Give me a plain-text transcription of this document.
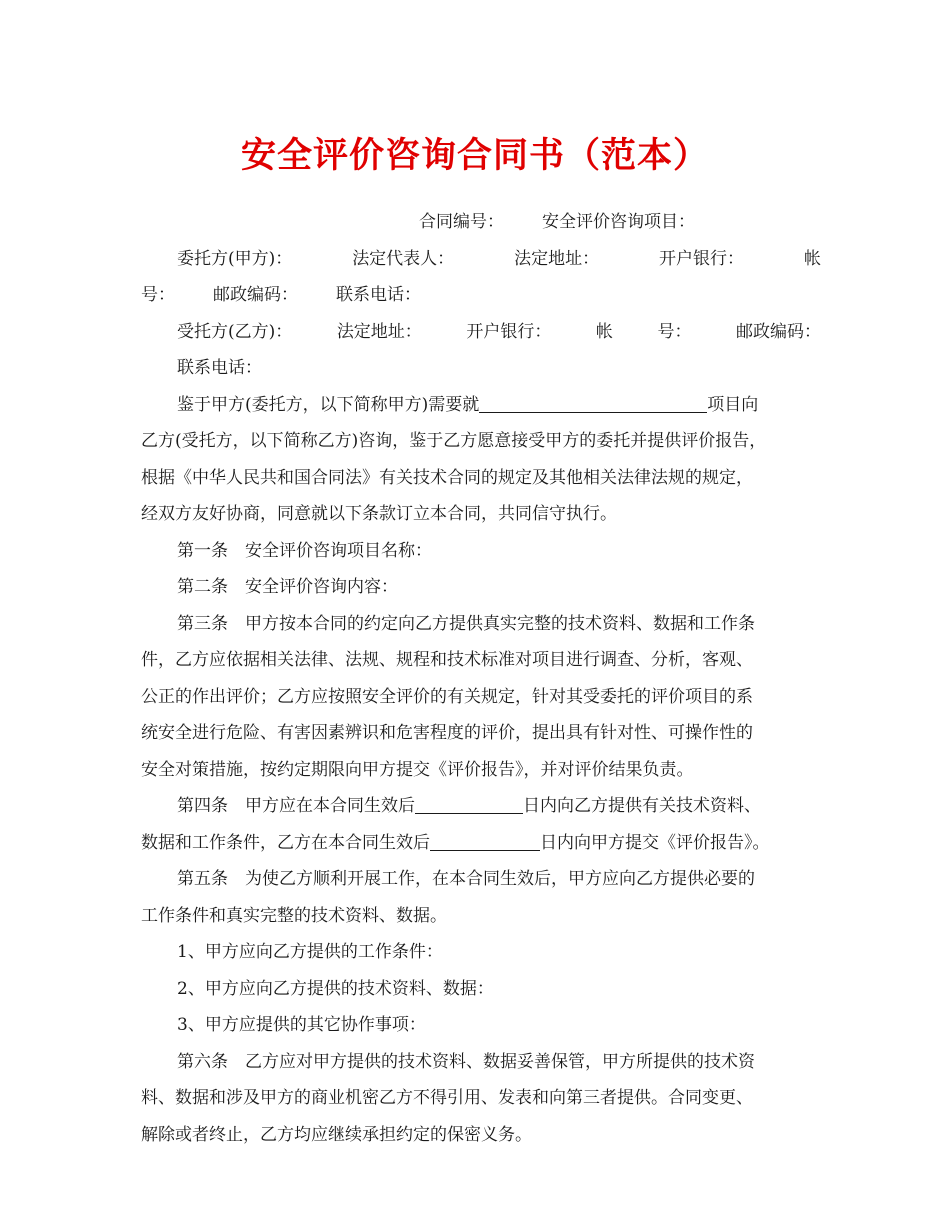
安全评价咨询合同书（范本）
合同编号： 安全评价咨询项目：
委托方(甲方)：	法定代表人：	法定地址：	开户银行：	帐
号： 邮政编码： 联系电话：
受托方(乙方)：	法定地址：	开户银行：	帐	号：	邮政编码：
联系电话：
鉴于甲方(委托方，以下简称甲方)需要就	项目向
乙方(受托方，以下简称乙方)咨询，鉴于乙方愿意接受甲方的委托并提供评价报告，
根据《中华人民共和国合同法》有关技术合同的规定及其他相关法律法规的规定，
经双方友好协商，同意就以下条款订立本合同，共同信守执行。
第一条　安全评价咨询项目名称：
第二条　安全评价咨询内容：
第三条　甲方按本合同的约定向乙方提供真实完整的技术资料、数据和工作条
件，乙方应依据相关法律、法规、规程和技术标准对项目进行调查、分析，客观、
公正的作出评价；乙方应按照安全评价的有关规定，针对其受委托的评价项目的系
统安全进行危险、有害因素辨识和危害程度的评价，提出具有针对性、可操作性的
安全对策措施，按约定期限向甲方提交《评价报告》，并对评价结果负责。
第四条　甲方应在本合同生效后	日内向乙方提供有关技术资料、
数据和工作条件，乙方在本合同生效后	日内向甲方提交《评价报告》。
第五条　为使乙方顺利开展工作，在本合同生效后，甲方应向乙方提供必要的
工作条件和真实完整的技术资料、数据。
1、甲方应向乙方提供的工作条件：
2、甲方应向乙方提供的技术资料、数据：
3、甲方应提供的其它协作事项：
第六条　乙方应对甲方提供的技术资料、数据妥善保管，甲方所提供的技术资
料、数据和涉及甲方的商业机密乙方不得引用、发表和向第三者提供。合同变更、
解除或者终止，乙方均应继续承担约定的保密义务。
